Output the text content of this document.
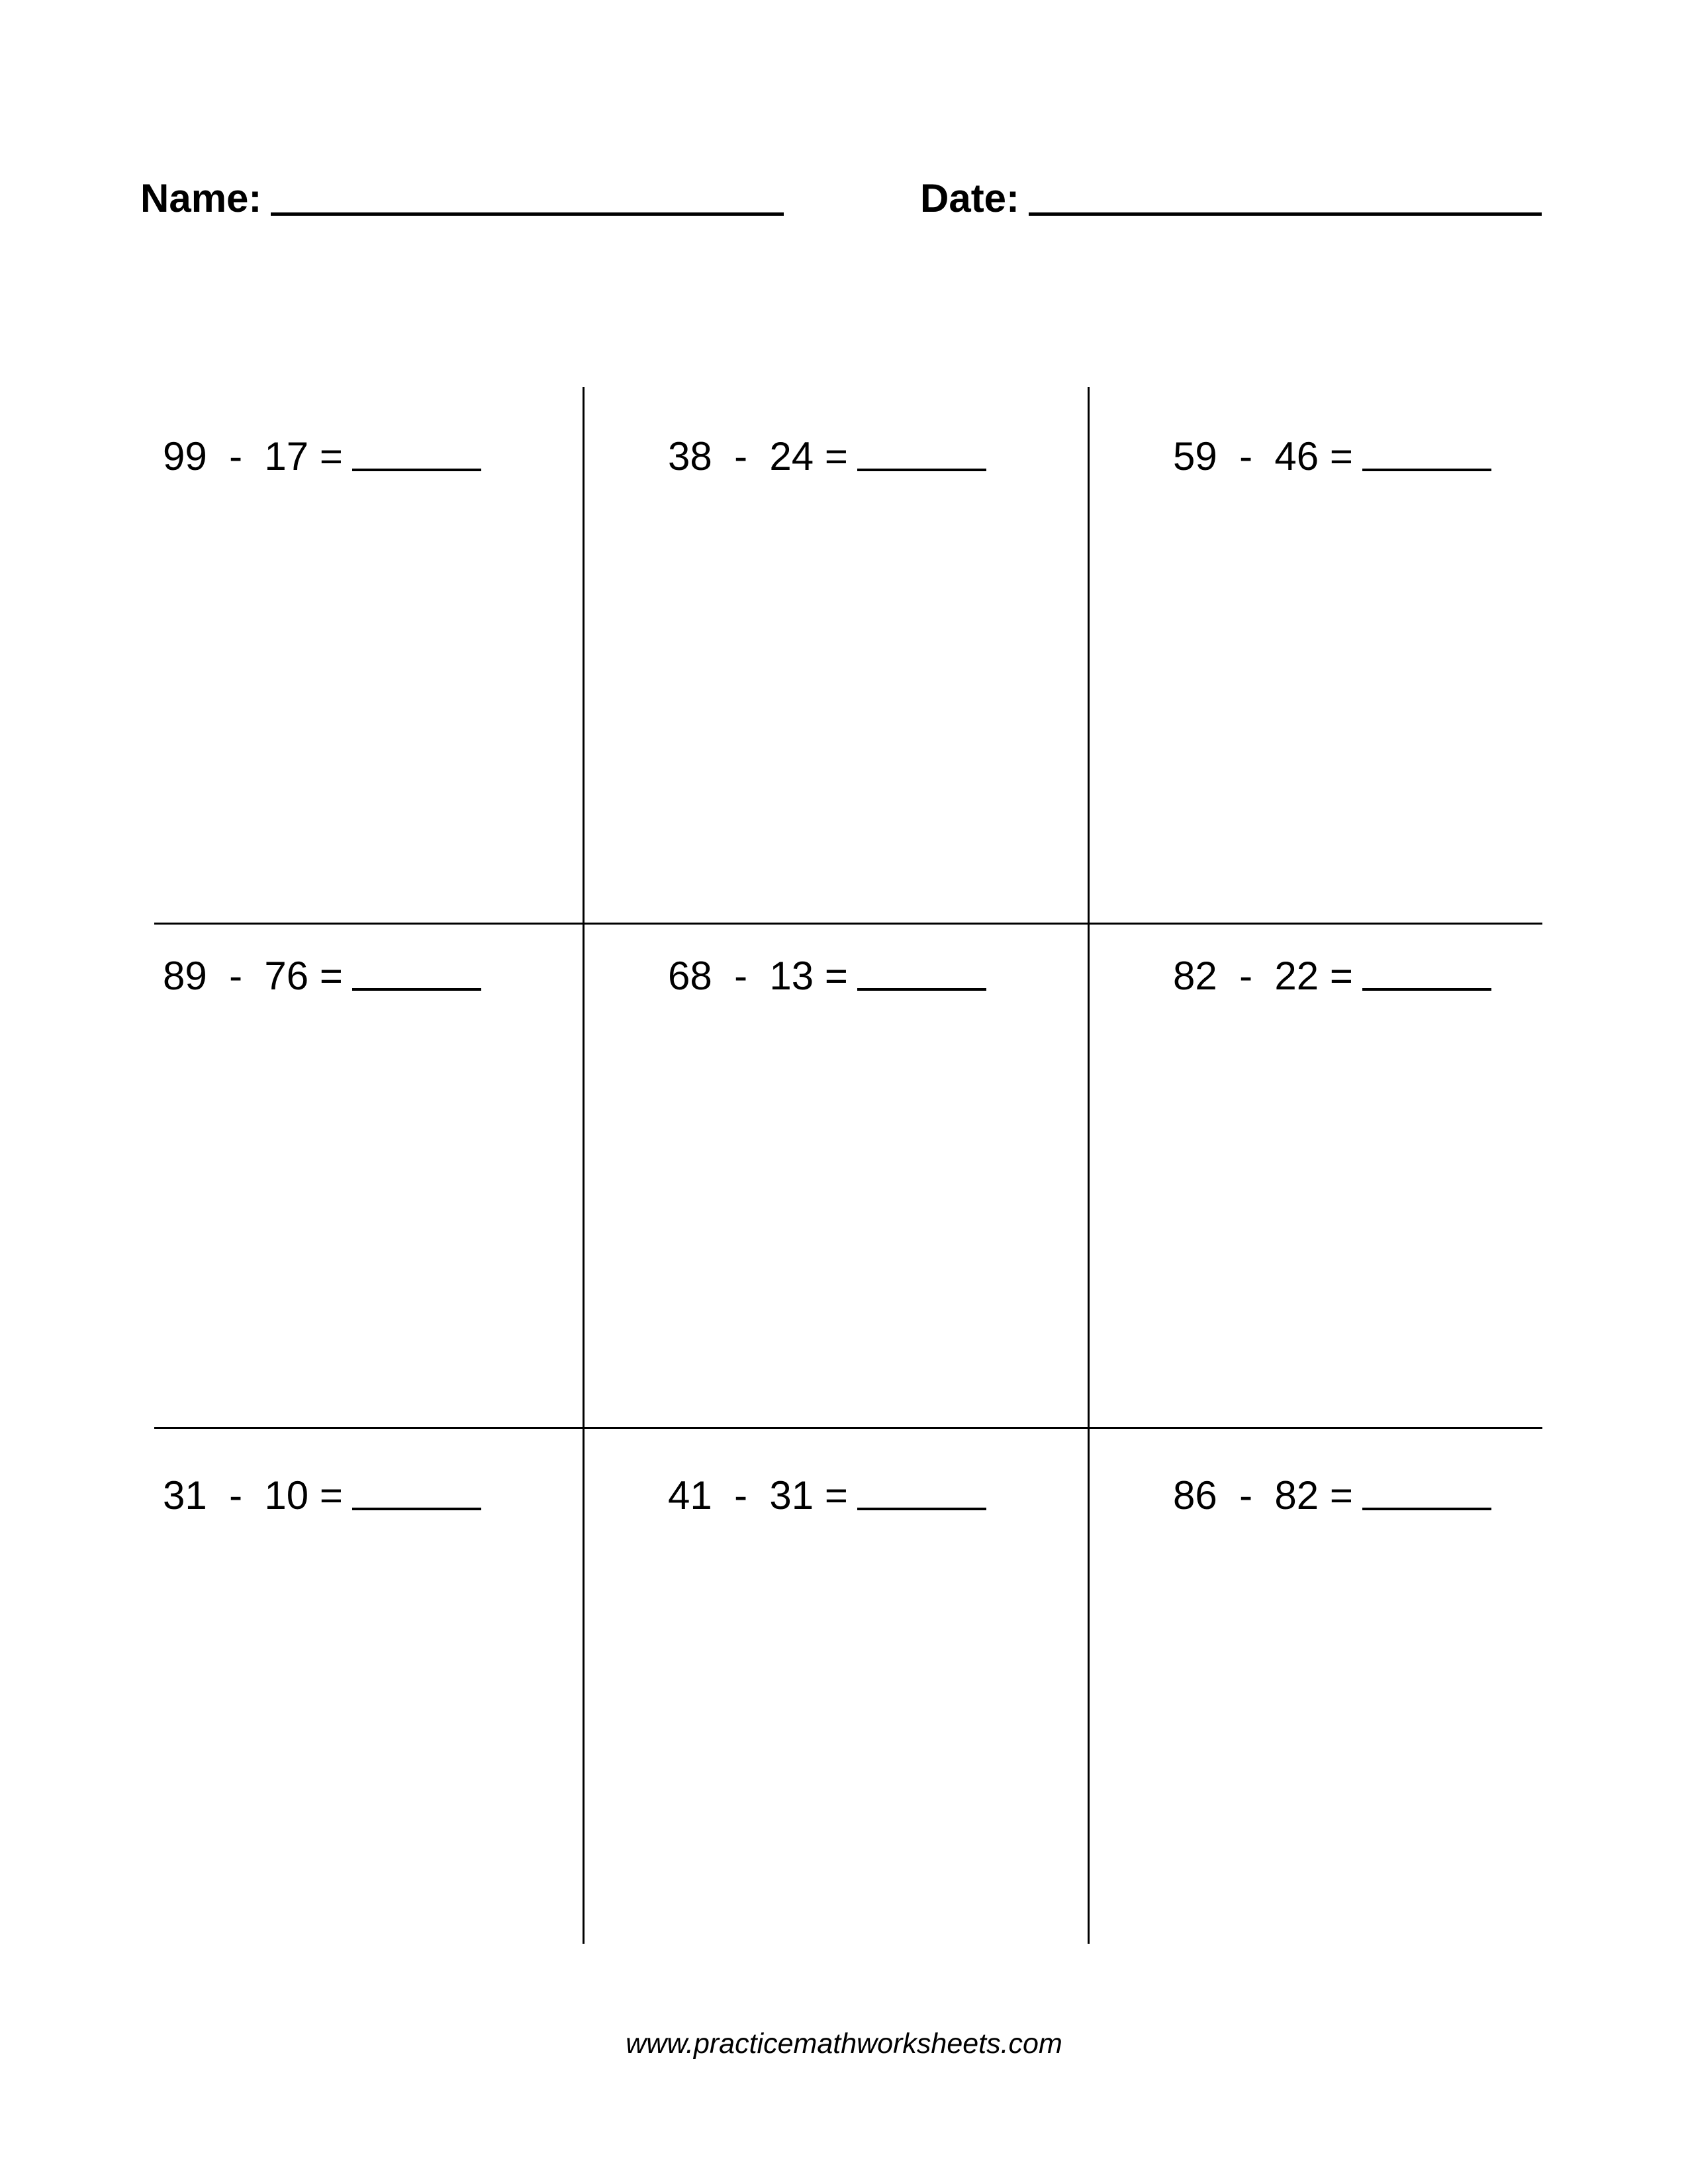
Name:	Date:
99
-
17
=	38
-
24
=	59
-
46
=
89
-
76
=	68
-
13
=	82
-
22
=
31
-
10
=	41
-
31
=	86
-
82
=
www.practicemathworksheets.com
